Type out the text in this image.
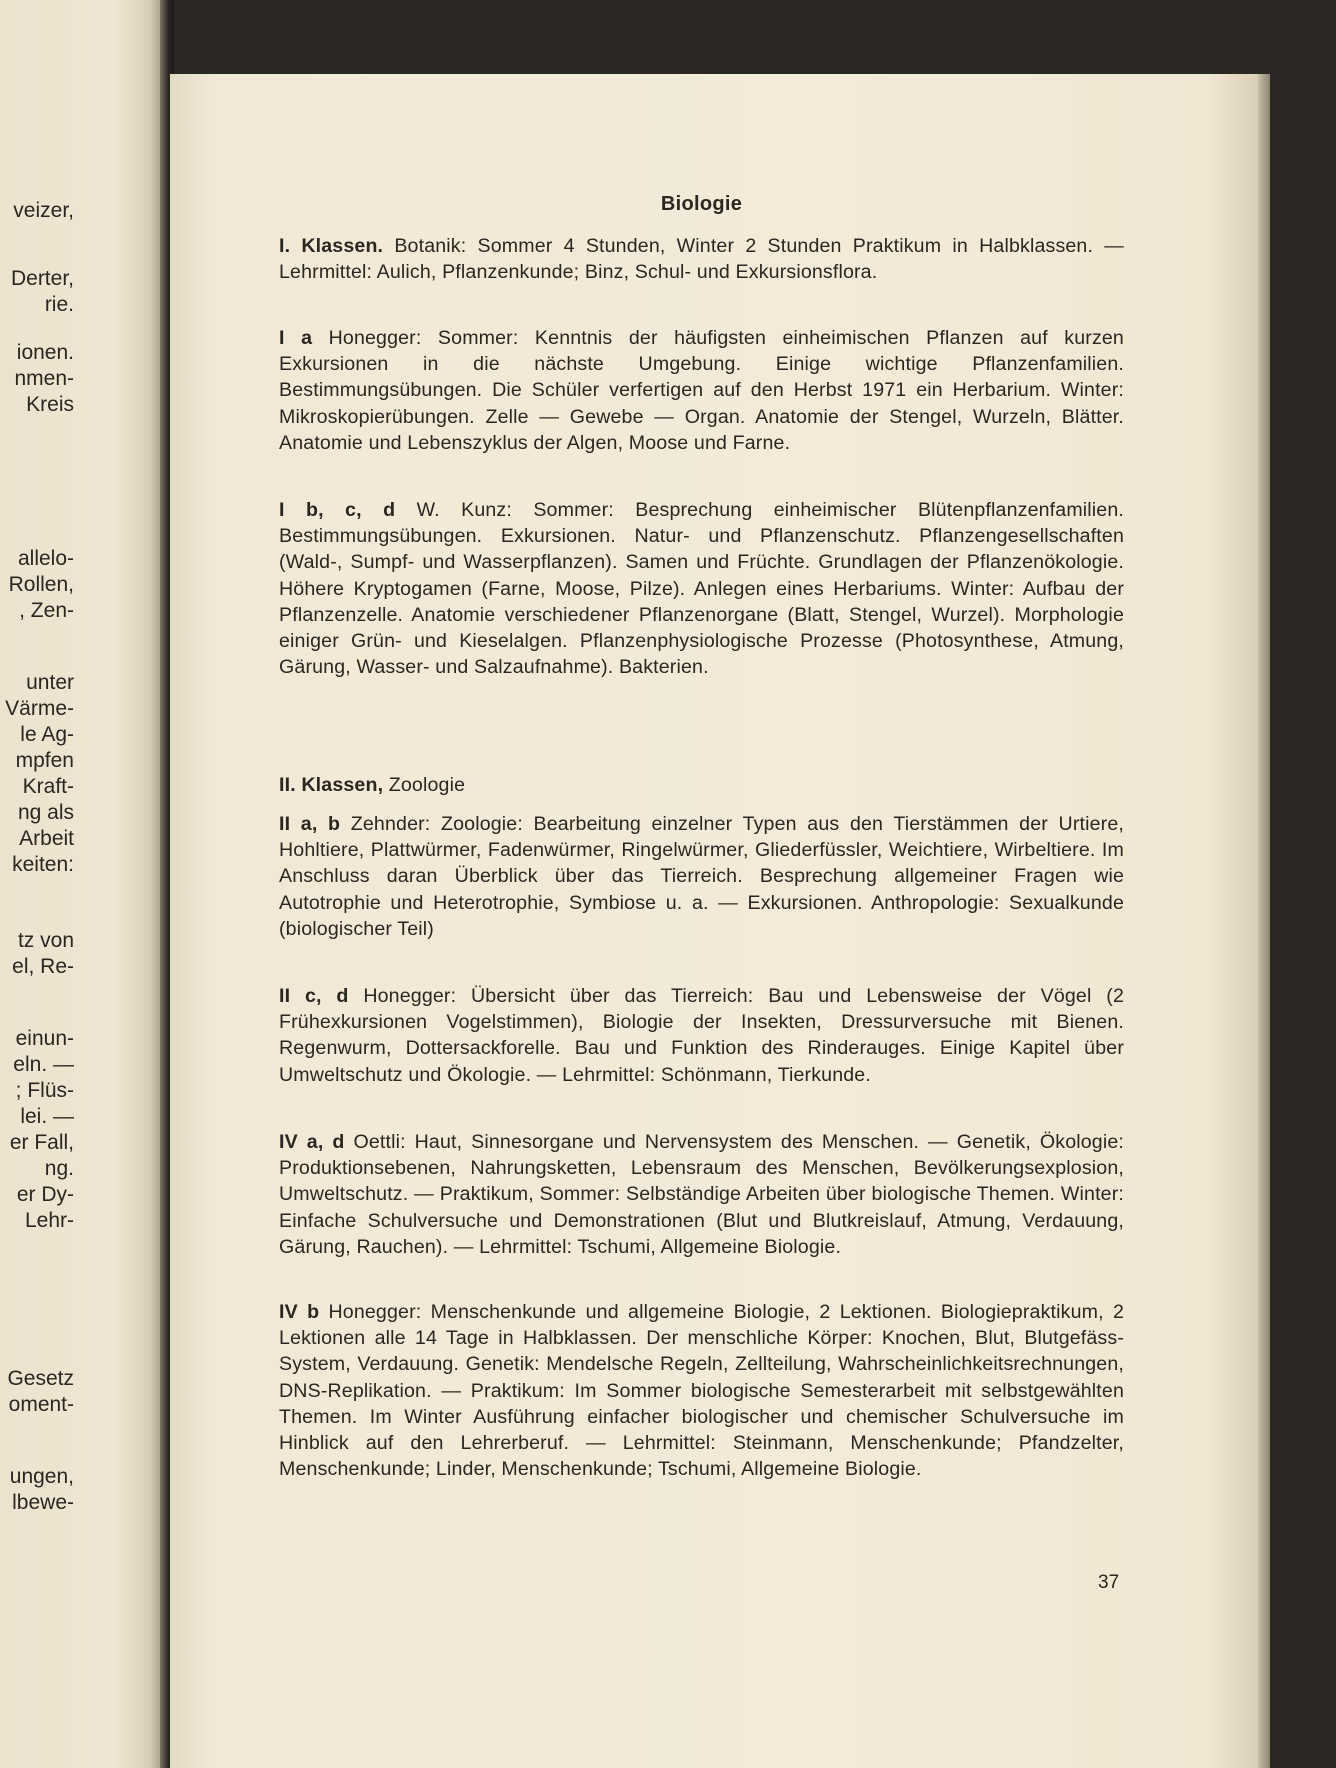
veizer,
Derter,
rie.
ionen.
nmen-
Kreis
allelo-
Rollen,
, Zen-
unter
Värme-
le Ag-
mpfen
Kraft-
ng als
Arbeit
keiten:
tz von
el, Re-
einun-
eln. —
; Flüs-
lei. —
er Fall,
ng.
er Dy-
Lehr-
Gesetz
oment-
ungen,
lbewe-
Biologie
I. Klassen. Botanik: Sommer 4 Stunden, Winter 2 Stunden Praktikum in Halbklassen. — Lehrmittel: Aulich, Pflanzenkunde; Binz, Schul- und Exkursionsflora.
I a Honegger: Sommer: Kenntnis der häufigsten einheimischen Pflanzen auf kurzen Exkursionen in die nächste Umgebung. Einige wichtige Pflanzenfamilien. Bestimmungsübungen. Die Schüler verfertigen auf den Herbst 1971 ein Herbarium. Winter: Mikroskopierübungen. Zelle — Gewebe — Organ. Anatomie der Stengel, Wurzeln, Blätter. Anatomie und Lebenszyklus der Algen, Moose und Farne.
I b, c, d W. Kunz: Sommer: Besprechung einheimischer Blütenpflanzenfamilien. Bestimmungsübungen. Exkursionen. Natur- und Pflanzenschutz. Pflanzengesellschaften (Wald-, Sumpf- und Wasserpflanzen). Samen und Früchte. Grundlagen der Pflanzenökologie. Höhere Kryptogamen (Farne, Moose, Pilze). Anlegen eines Herbariums. Winter: Aufbau der Pflanzenzelle. Anatomie verschiedener Pflanzenorgane (Blatt, Stengel, Wurzel). Morphologie einiger Grün- und Kieselalgen. Pflanzenphysiologische Prozesse (Photosynthese, Atmung, Gärung, Wasser- und Salzaufnahme). Bakterien.
II. Klassen, Zoologie
II a, b Zehnder: Zoologie: Bearbeitung einzelner Typen aus den Tierstämmen der Urtiere, Hohltiere, Plattwürmer, Fadenwürmer, Ringelwürmer, Gliederfüssler, Weichtiere, Wirbeltiere. Im Anschluss daran Überblick über das Tierreich. Besprechung allgemeiner Fragen wie Autotrophie und Heterotrophie, Symbiose u. a. — Exkursionen. Anthropologie: Sexualkunde (biologischer Teil)
II c, d Honegger: Übersicht über das Tierreich: Bau und Lebensweise der Vögel (2 Frühexkursionen Vogelstimmen), Biologie der Insekten, Dressurversuche mit Bienen. Regenwurm, Dottersackforelle. Bau und Funktion des Rinderauges. Einige Kapitel über Umweltschutz und Ökologie. — Lehrmittel: Schönmann, Tierkunde.
IV a, d Oettli: Haut, Sinnesorgane und Nervensystem des Menschen. — Genetik, Ökologie: Produktionsebenen, Nahrungsketten, Lebensraum des Menschen, Bevölkerungsexplosion, Umweltschutz. — Praktikum, Sommer: Selbständige Arbeiten über biologische Themen. Winter: Einfache Schulversuche und Demonstrationen (Blut und Blutkreislauf, Atmung, Verdauung, Gärung, Rauchen). — Lehrmittel: Tschumi, Allgemeine Biologie.
IV b Honegger: Menschenkunde und allgemeine Biologie, 2 Lektionen. Biologiepraktikum, 2 Lektionen alle 14 Tage in Halbklassen. Der menschliche Körper: Knochen, Blut, Blutgefäss-System, Verdauung. Genetik: Mendelsche Regeln, Zellteilung, Wahrscheinlichkeitsrechnungen, DNS-Replikation. — Praktikum: Im Sommer biologische Semesterarbeit mit selbstgewählten Themen. Im Winter Ausführung einfacher biologischer und chemischer Schulversuche im Hinblick auf den Lehrerberuf. — Lehrmittel: Steinmann, Menschenkunde; Pfandzelter, Menschenkunde; Linder, Menschenkunde; Tschumi, Allgemeine Biologie.
37
